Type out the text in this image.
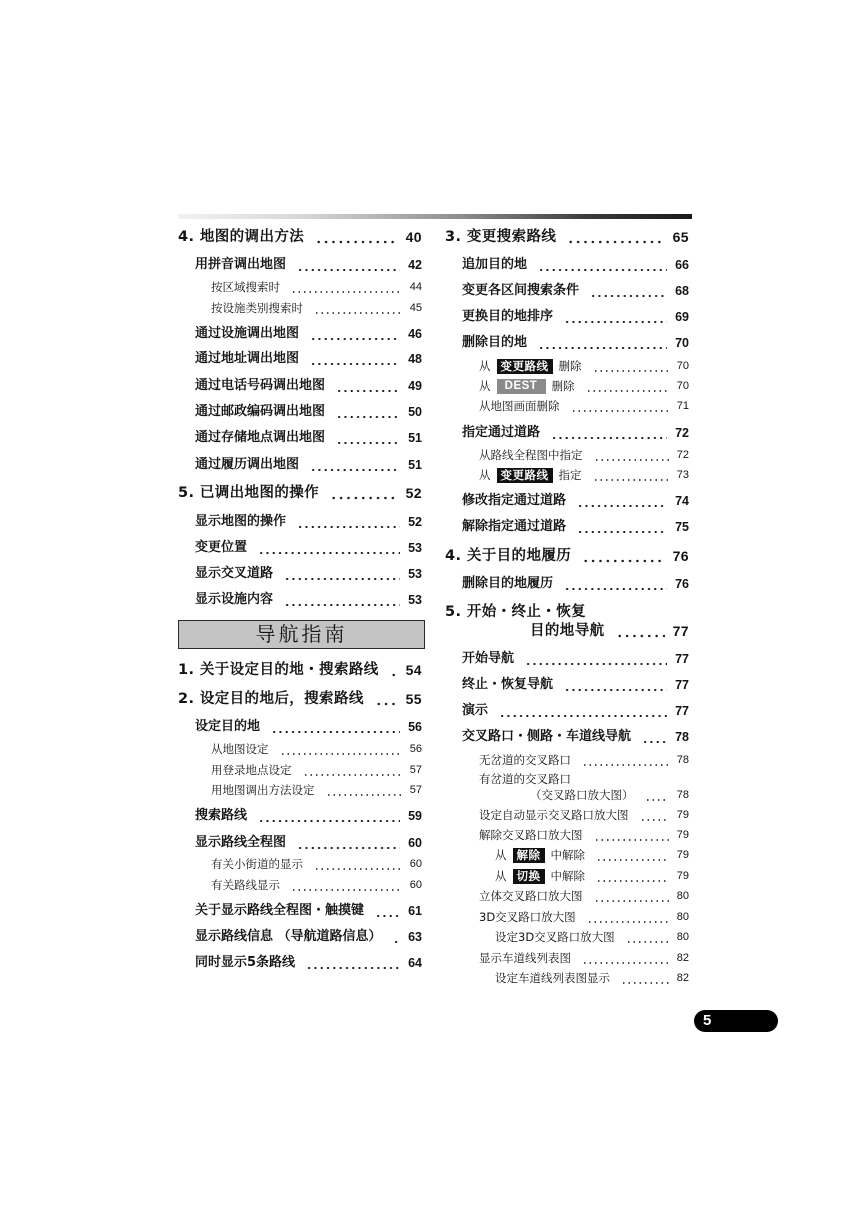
4. 地图的调出方法	40
用拼音调出地图	42
按区域搜索时	44
按设施类别搜索时	45
通过设施调出地图	46
通过地址调出地图	48
通过电话号码调出地图	49
通过邮政编码调出地图	50
通过存储地点调出地图	51
通过履历调出地图	51
5. 已调出地图的操作	52
显示地图的操作	52
变更位置	53
显示交叉道路	53
显示设施内容	53
导航指南
1. 关于设定目的地・搜索路线 54
2. 设定目的地后，搜索路线	55
设定目的地	56
从地图设定	56
用登录地点设定	57
用地图调出方法设定	57
搜索路线	59
显示路线全程图	60
有关小街道的显示	60
有关路线显示	60
关于显示路线全程图・触摸键	61
显示路线信息 （导航道路信息） 63
同时显示5条路线	64
3. 变更搜索路线	65
追加目的地	66
变更各区间搜索条件	68
更换目的地排序	69
删除目的地	70
从 变更路线 删除	70
从 DEST 删除	70
从地图画面删除	71
指定通过道路	72
从路线全程图中指定	72
从 变更路线 指定	73
修改指定通过道路	74
解除指定通过道路	75
4. 关于目的地履历	76
删除目的地履历	76
5. 开始・终止・恢复
目的地导航	77
开始导航	77
终止・恢复导航	77
演示	77
交叉路口・侧路・车道线导航	78
无岔道的交叉路口	78
有岔道的交叉路口
（交叉路口放大图）	78
设定自动显示交叉路口放大图	79
解除交叉路口放大图	79
从 解除 中解除	79
从 切换 中解除	79
立体交叉路口放大图	80
3D交叉路口放大图	80
设定3D交叉路口放大图	80
显示车道线列表图	82
设定车道线列表图显示	82
5
